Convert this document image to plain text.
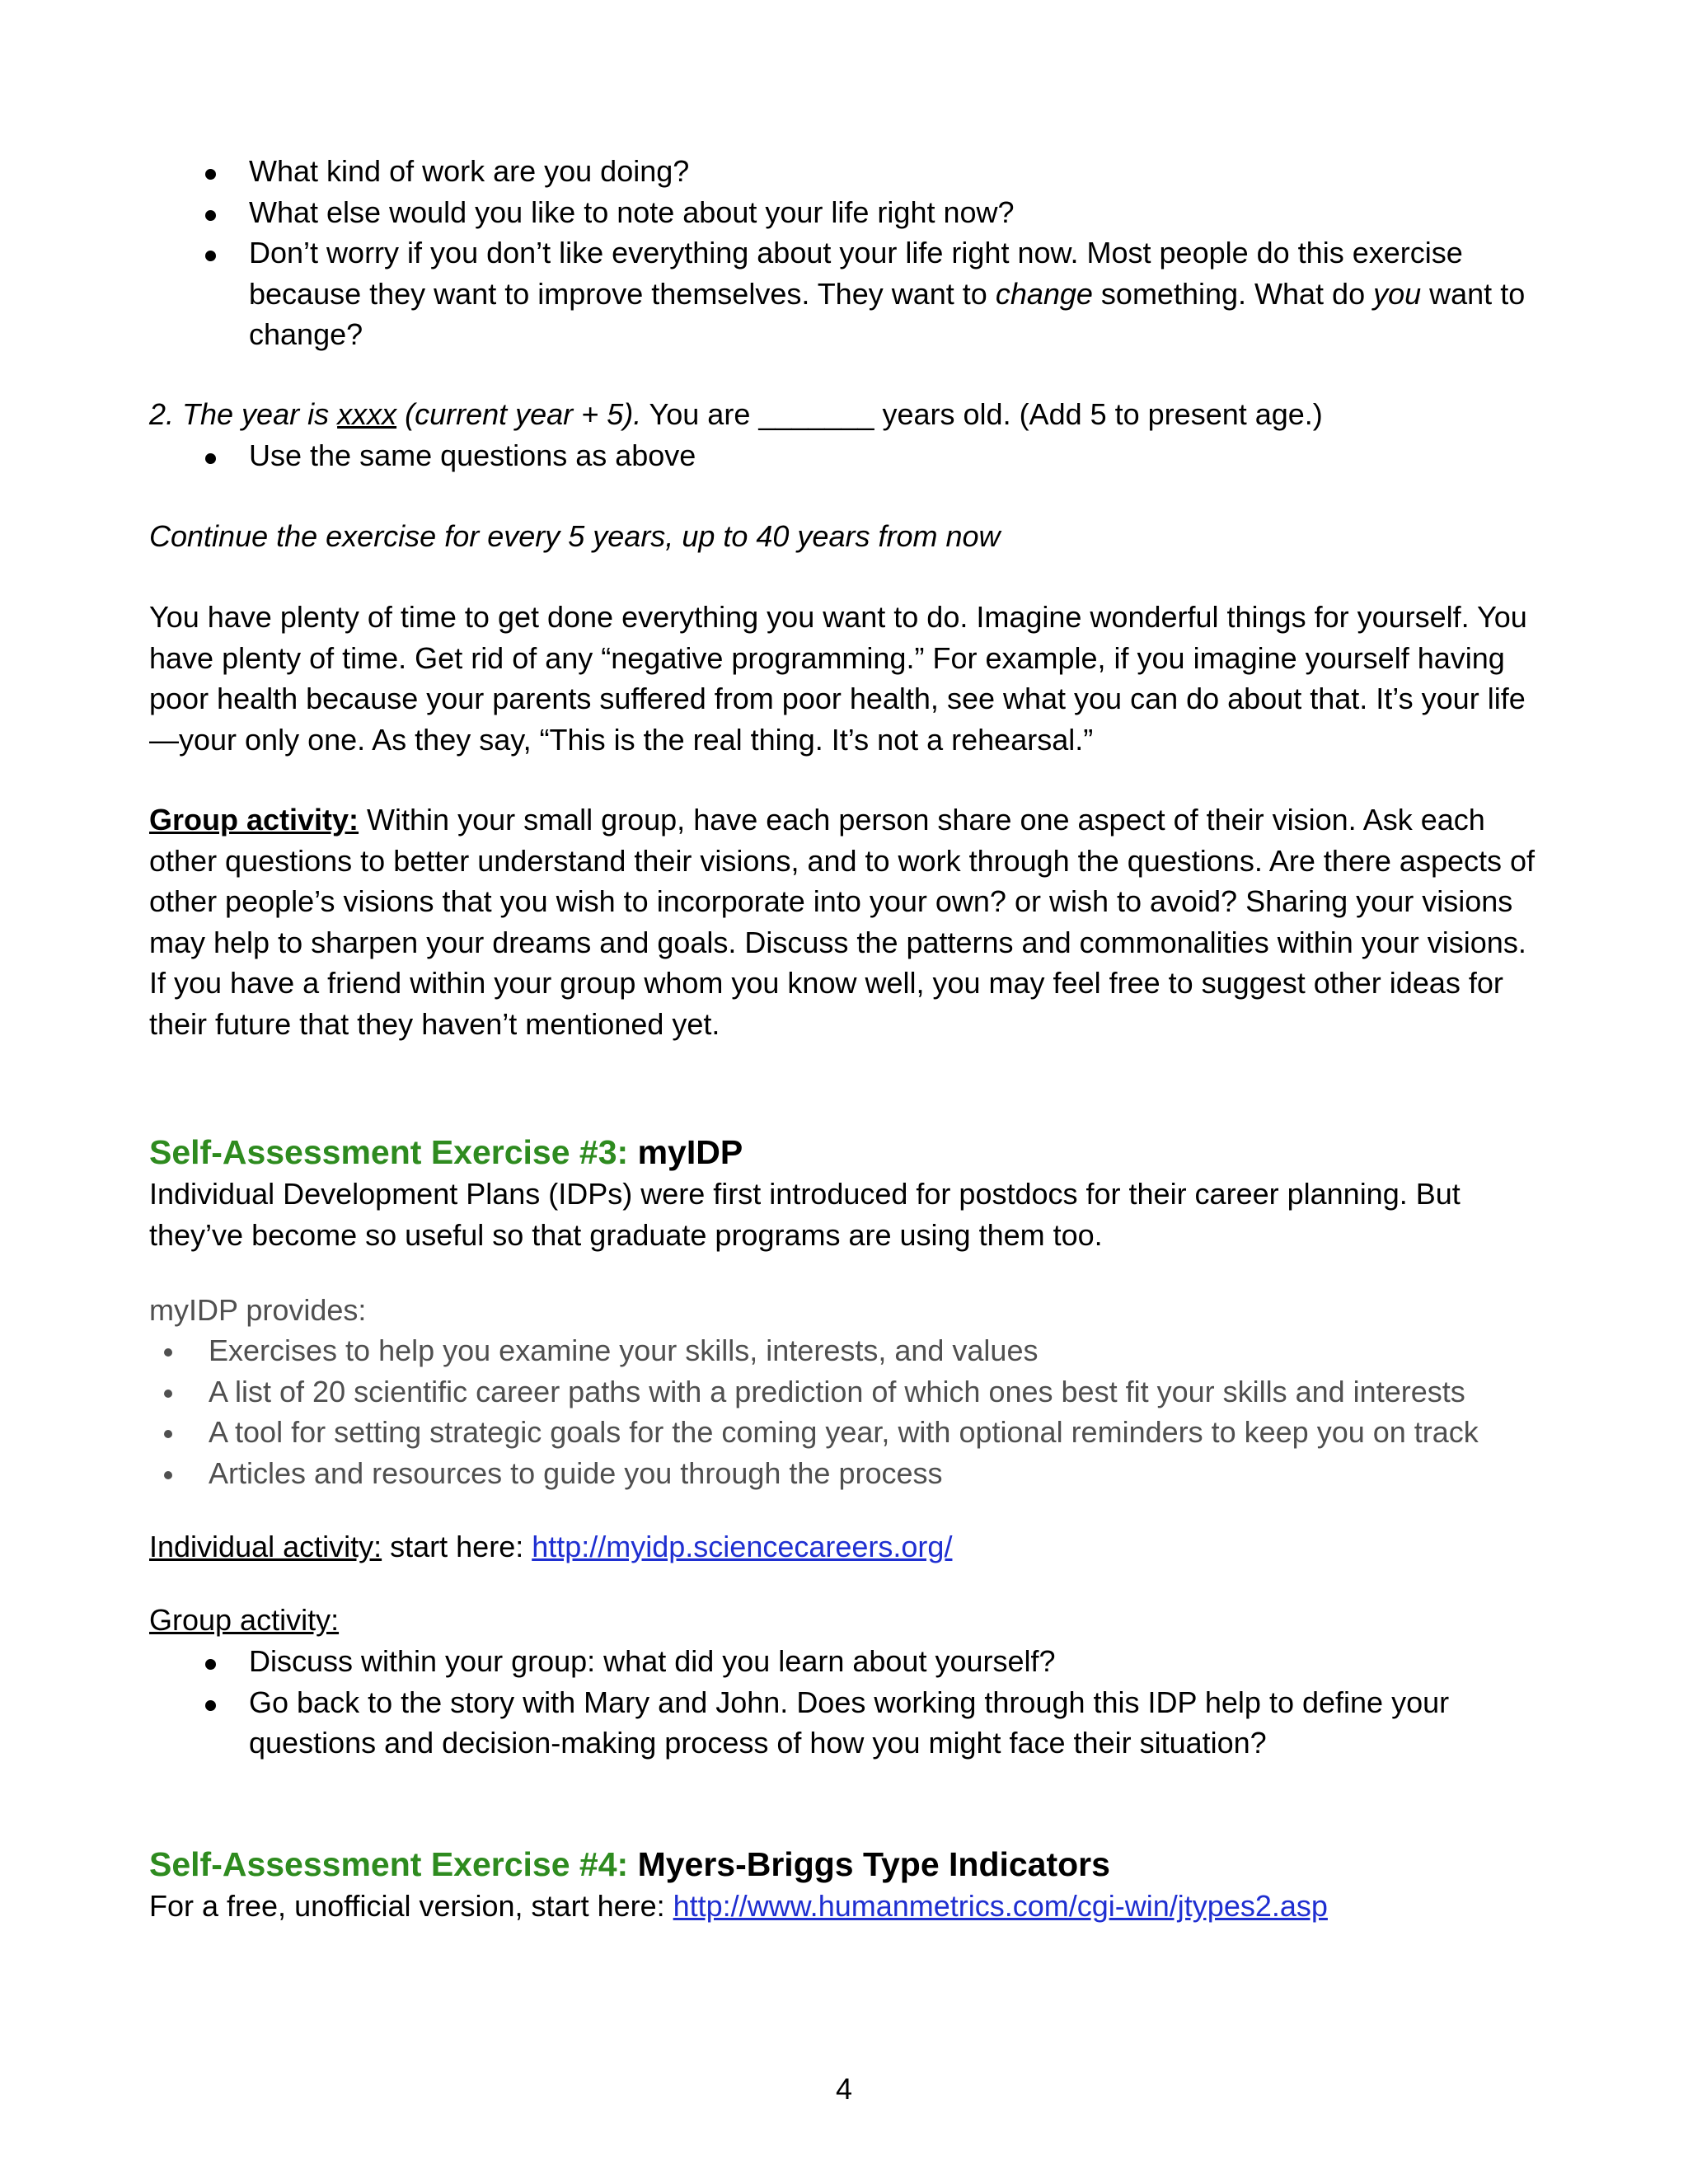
What kind of work are you doing?
What else would you like to note about your life right now?
Don’t worry if you don’t like everything about your life right now. Most people do this exercise because they want to improve themselves. They want to change something. What do you want to change?

2. The year is xxxx (current year + 5). You are _______ years old. (Add 5 to present age.)

Use the same questions as above

Continue the exercise for every 5 years, up to 40 years from now

You have plenty of time to get done everything you want to do. Imagine wonderful things for yourself. You have plenty of time. Get rid of any “negative programming.” For example, if you imagine yourself having poor health because your parents suffered from poor health, see what you can do about that. It’s your life—your only one. As they say, “This is the real thing. It’s not a rehearsal.”

Group activity: Within your small group, have each person share one aspect of their vision. Ask each other questions to better understand their visions, and to work through the questions. Are there aspects of other people’s visions that you wish to incorporate into your own? or wish to avoid? Sharing your visions may help to sharpen your dreams and goals. Discuss the patterns and commonalities within your visions. If you have a friend within your group whom you know well, you may feel free to suggest other ideas for their future that they haven’t mentioned yet.

Self-Assessment Exercise #3: myIDP

Individual Development Plans (IDPs) were first introduced for postdocs for their career planning. But they’ve become so useful so that graduate programs are using them too.

myIDP provides:

Exercises to help you examine your skills, interests, and values
A list of 20 scientific career paths with a prediction of which ones best fit your skills and interests
A tool for setting strategic goals for the coming year, with optional reminders to keep you on track
Articles and resources to guide you through the process

Individual activity: start here: http://myidp.sciencecareers.org/

Group activity:

Discuss within your group: what did you learn about yourself?
Go back to the story with Mary and John. Does working through this IDP help to define your questions and decision-making process of how you might face their situation?
Self-Assessment Exercise #4: Myers-Briggs Type Indicators

For a free, unofficial version, start here: http://www.humanmetrics.com/cgi-win/jtypes2.asp

4
